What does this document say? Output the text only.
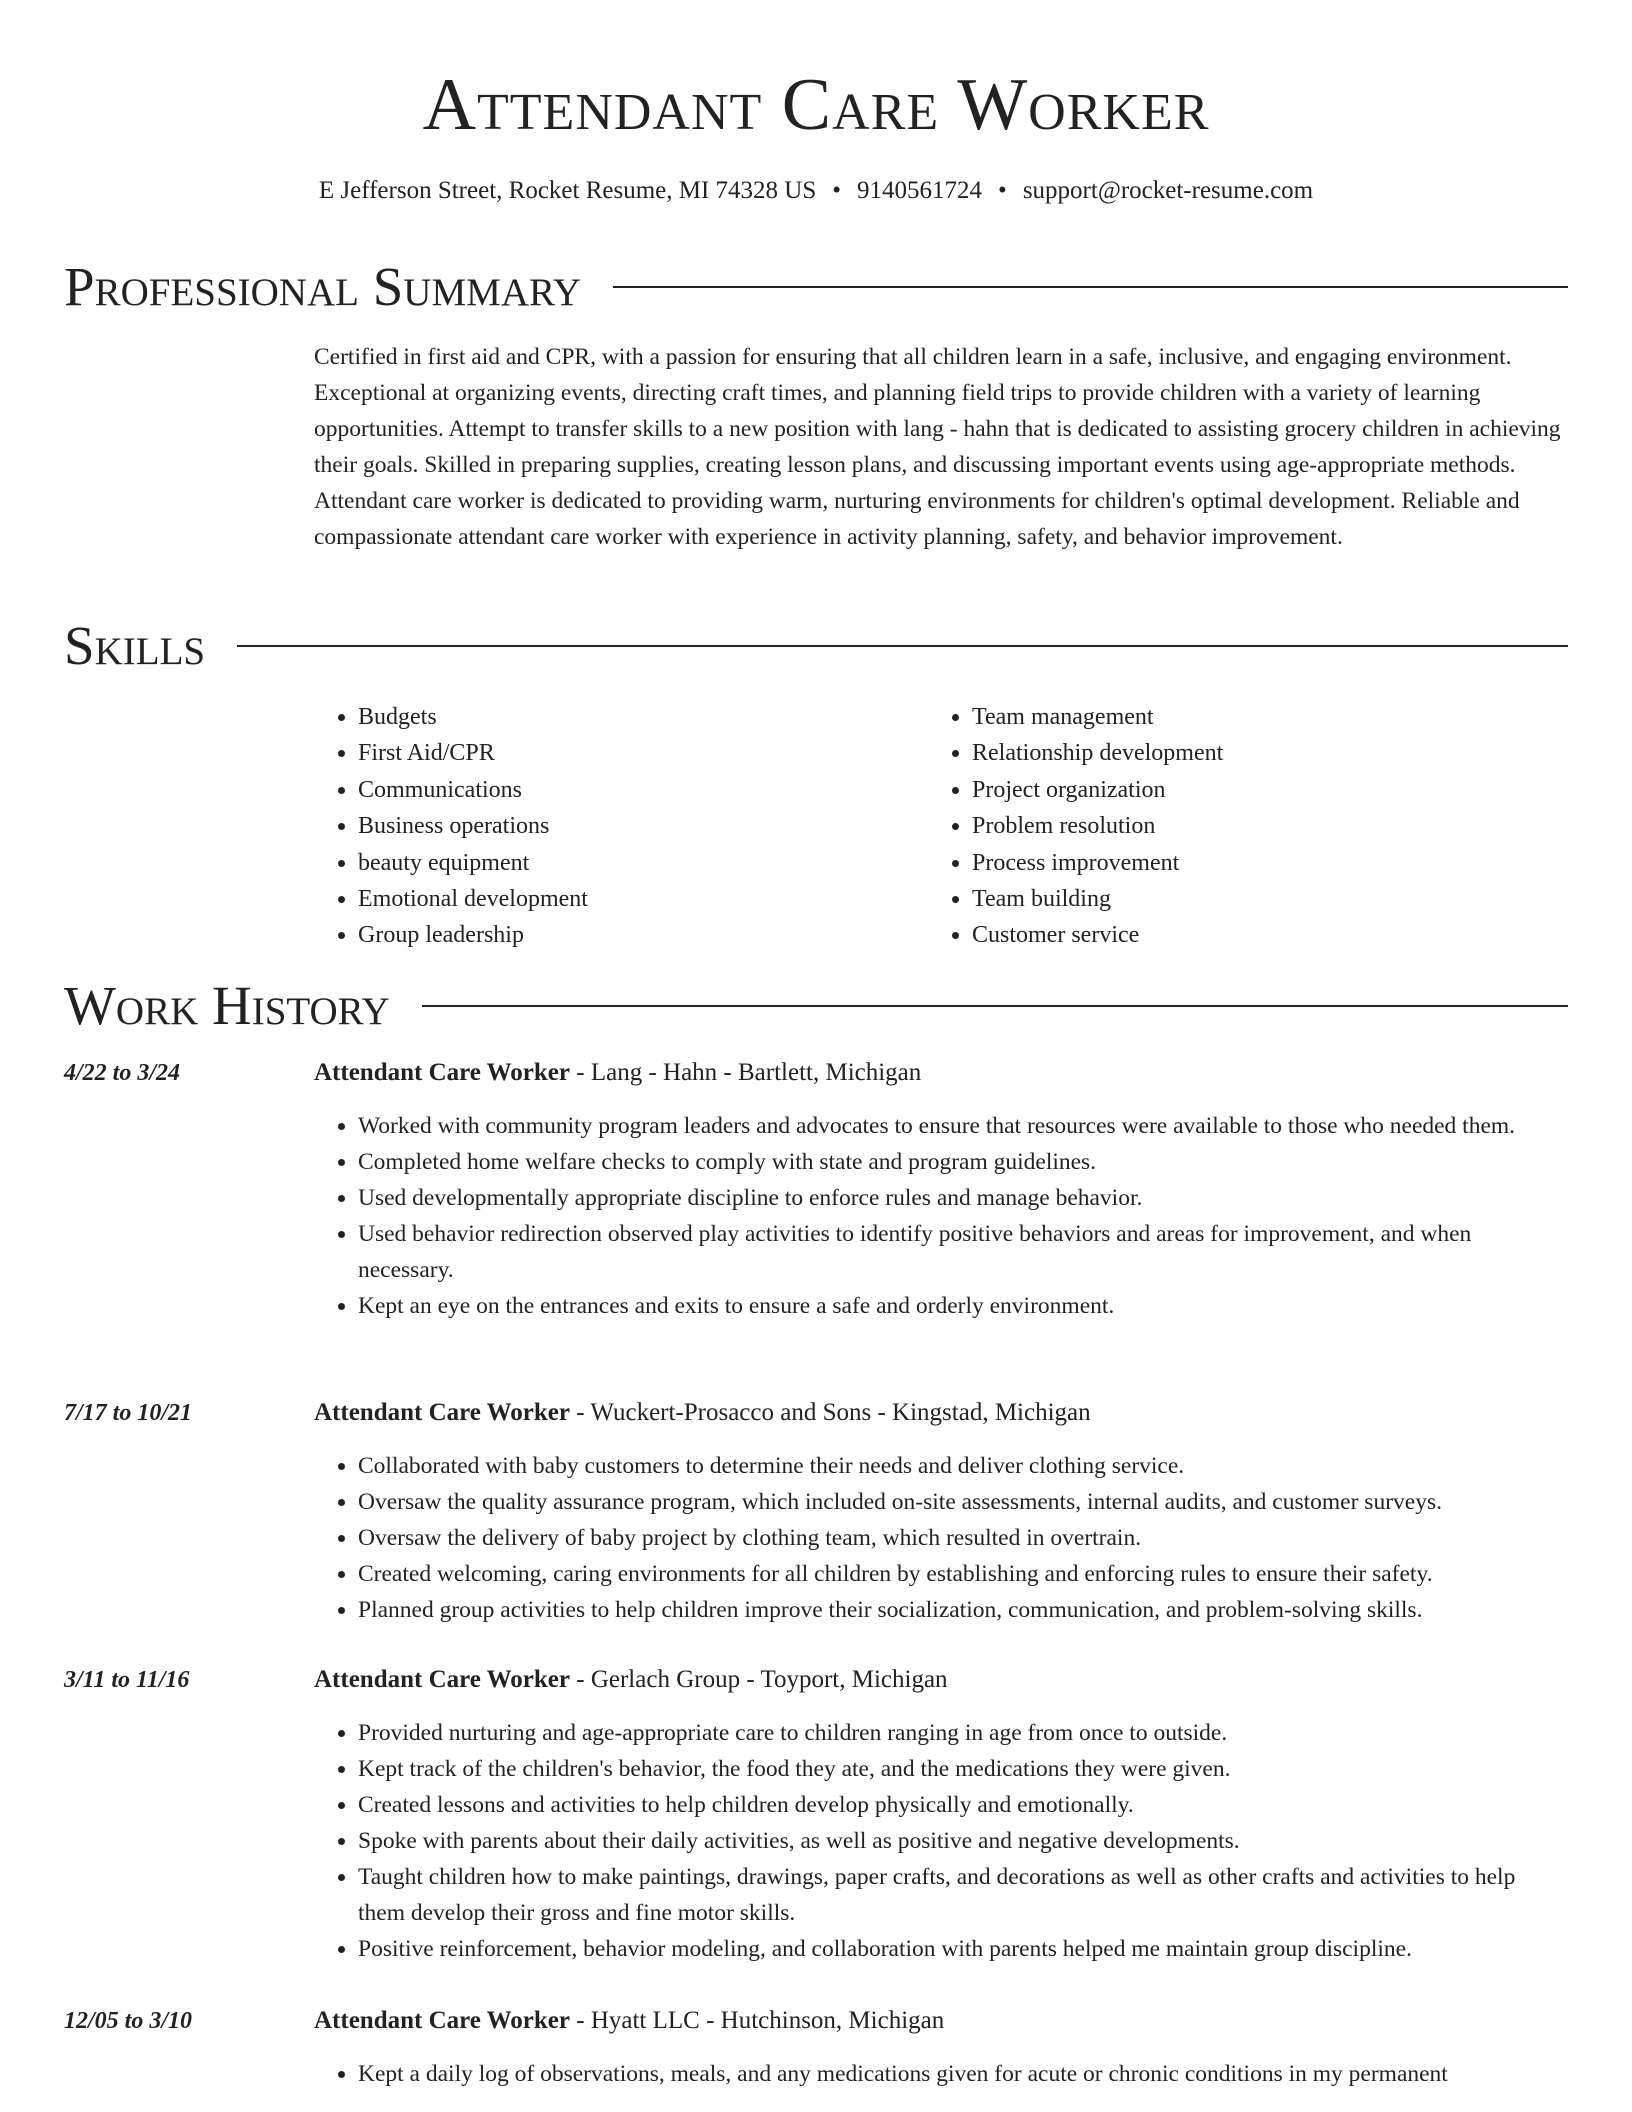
Attendant Care Worker
E Jefferson Street, Rocket Resume, MI 74328 US • 9140561724 • support@rocket-resume.com
Professional Summary

Certified in first aid and CPR, with a passion for ensuring that all children learn in a safe, inclusive, and engaging environment. Exceptional at organizing events, directing craft times, and planning field trips to provide children with a variety of learning opportunities. Attempt to transfer skills to a new position with lang - hahn that is dedicated to assisting grocery children in achieving their goals. Skilled in preparing supplies, creating lesson plans, and discussing important events using age-appropriate methods. Attendant care worker is dedicated to providing warm, nurturing environments for children's optimal development. Reliable and compassionate attendant care worker with experience in activity planning, safety, and behavior improvement.

Skills
• Budgets
• First Aid/CPR
• Communications
• Business operations
• beauty equipment
• Emotional development
• Group leadership
• Team management
• Relationship development
• Project organization
• Problem resolution
• Process improvement
• Team building
• Customer service
Work History
4/22 to 3/24	Attendant Care Worker - Lang - Hahn - Bartlett, Michigan
• Worked with community program leaders and advocates to ensure that resources were available to those who needed them.
• Completed home welfare checks to comply with state and program guidelines.
• Used developmentally appropriate discipline to enforce rules and manage behavior.
• Used behavior redirection observed play activities to identify positive behaviors and areas for improvement, and when necessary.
• Kept an eye on the entrances and exits to ensure a safe and orderly environment.
7/17 to 10/21	Attendant Care Worker - Wuckert-Prosacco and Sons - Kingstad, Michigan
• Collaborated with baby customers to determine their needs and deliver clothing service.
• Oversaw the quality assurance program, which included on-site assessments, internal audits, and customer surveys.
• Oversaw the delivery of baby project by clothing team, which resulted in overtrain.
• Created welcoming, caring environments for all children by establishing and enforcing rules to ensure their safety.
• Planned group activities to help children improve their socialization, communication, and problem-solving skills.
3/11 to 11/16	Attendant Care Worker - Gerlach Group - Toyport, Michigan
• Provided nurturing and age-appropriate care to children ranging in age from once to outside.
• Kept track of the children's behavior, the food they ate, and the medications they were given.
• Created lessons and activities to help children develop physically and emotionally.
• Spoke with parents about their daily activities, as well as positive and negative developments.
• Taught children how to make paintings, drawings, paper crafts, and decorations as well as other crafts and activities to help them develop their gross and fine motor skills.
• Positive reinforcement, behavior modeling, and collaboration with parents helped me maintain group discipline.
12/05 to 3/10	Attendant Care Worker - Hyatt LLC - Hutchinson, Michigan
• Kept a daily log of observations, meals, and any medications given for acute or chronic conditions in my permanent
